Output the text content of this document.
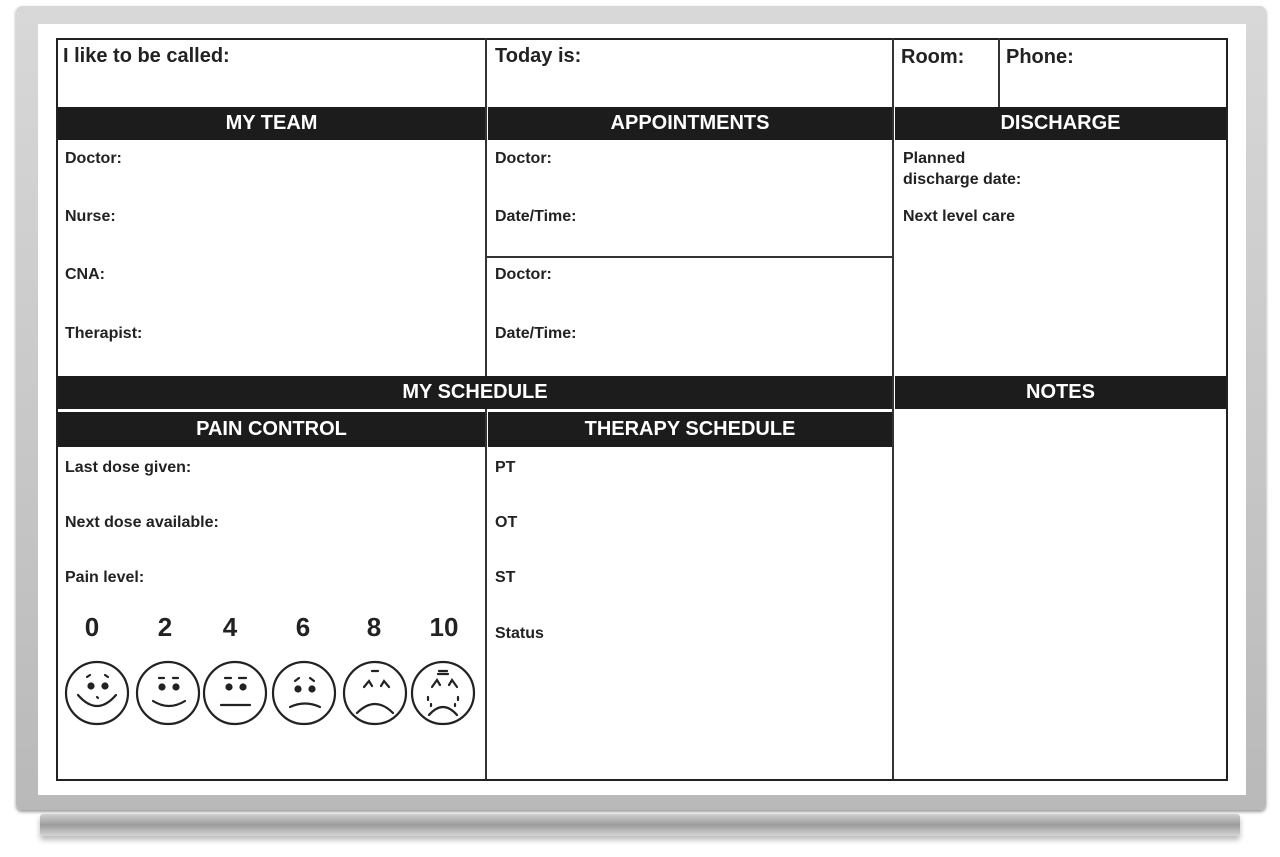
I like to be called:	Today is:	Room: Phone:
MY TEAM	APPOINTMENTS	DISCHARGE
MY SCHEDULE	NOTES
PAIN CONTROL	THERAPY SCHEDULE
Doctor:
Nurse:
CNA:
Therapist:
Doctor:
Date/Time:
Doctor:
Date/Time:
Planned discharge date:
Next level care
Last dose given:
Next dose available:
Pain level:
0	2	4	6	8	10
PT
OT
ST
Status
